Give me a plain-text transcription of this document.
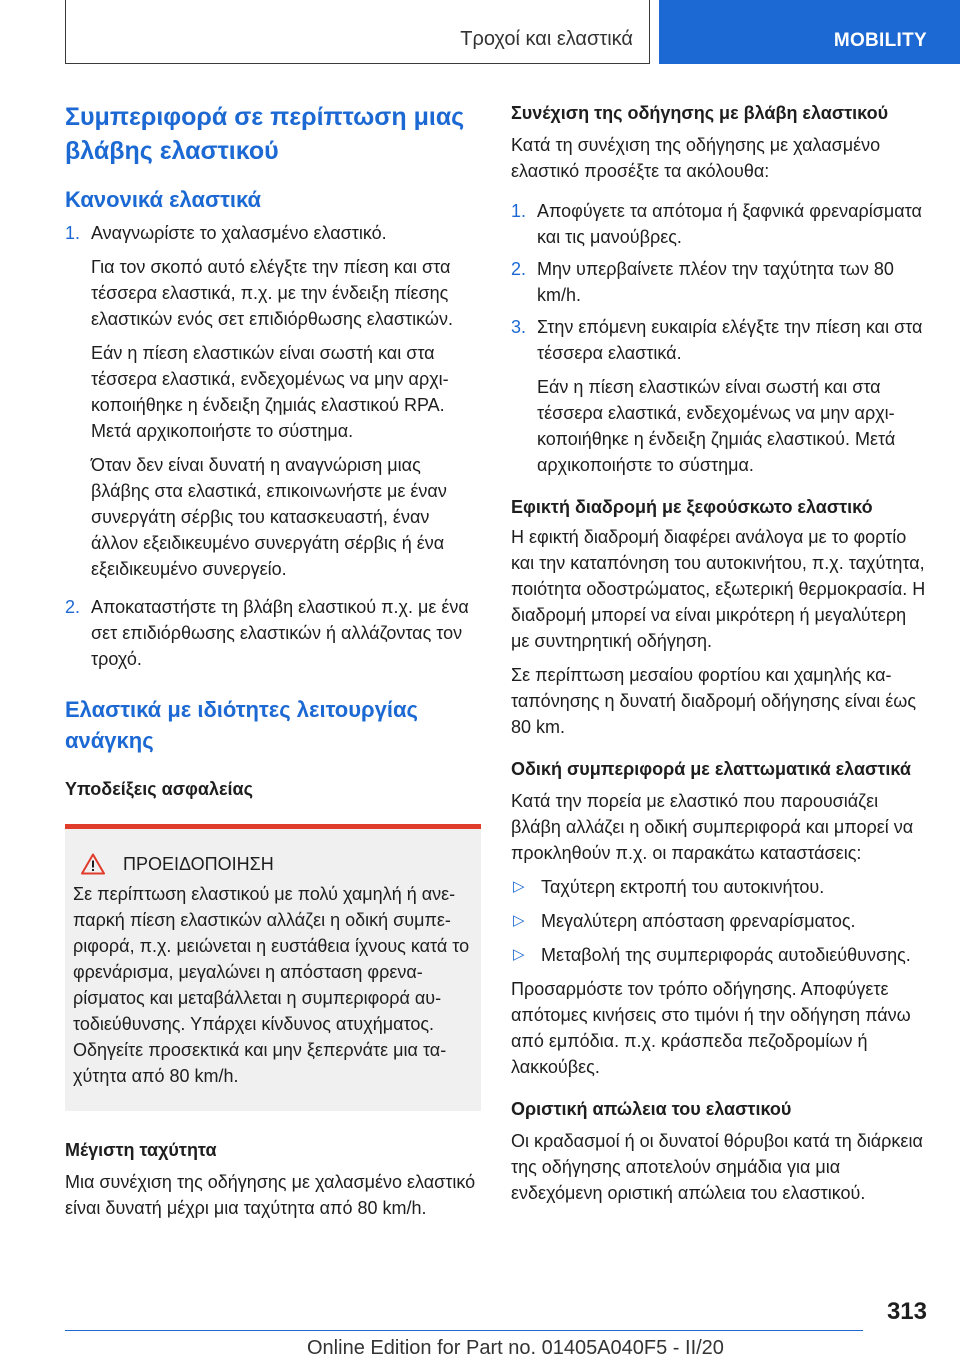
Τροχοί και ελαστικά	MOBILITY
Συμπεριφορά σε περίπτωση μιας βλάβης ελαστικού
Κανονικά ελαστικά
1. Αναγνωρίστε το χαλασμένο ελαστικό.

Για τον σκοπό αυτό ελέγξτε την πίεση και στα τέσσερα ελαστικά, π.χ. με την ένδειξη πίεσης ελαστικών ενός σετ επιδιόρθωσης ελαστικών.

Εάν η πίεση ελαστικών είναι σωστή και στα τέσσερα ελαστικά, ενδεχομένως να μην αρχικοποιήθηκε η ένδειξη ζημιάς ελαστικού RPA. Μετά αρχικοποιήστε το σύστημα.

Όταν δεν είναι δυνατή η αναγνώριση μιας βλάβης στα ελαστικά, επικοινωνήστε με έναν συνεργάτη σέρβις του κατασκευαστή, έναν άλλον εξειδικευμένο συνεργάτη σέρβις ή ένα εξειδικευμένο συνεργείο.

2. Αποκαταστήστε τη βλάβη ελαστικού π.χ. με ένα σετ επιδιόρθωσης ελαστικών ή αλλάζοντας τον τροχό.

Ελαστικά με ιδιότητες λειτουργίας ανάγκης
Υποδείξεις ασφαλείας
ΠΡΟΕΙΔΟΠΟΙΗΣΗ

Σε περίπτωση ελαστικού με πολύ χαμηλή ή ανεπαρκή πίεση ελαστικών αλλάζει η οδική συμπεριφορά, π.χ. μειώνεται η ευστάθεια ίχνους κατά το φρενάρισμα, μεγαλώνει η απόσταση φρεναρίσματος και μεταβάλλεται η συμπεριφορά αυτοδιεύθυνσης. Υπάρχει κίνδυνος ατυχήματος. Οδηγείτε προσεκτικά και μην ξεπερνάτε μια ταχύτητα από 80 km/h.

Μέγιστη ταχύτητα

Μια συνέχιση της οδήγησης με χαλασμένο ελαστικό είναι δυνατή μέχρι μια ταχύτητα από 80 km/h.

Συνέχιση της οδήγησης με βλάβη ελαστικού

Κατά τη συνέχιση της οδήγησης με χαλασμένο ελαστικό προσέξτε τα ακόλουθα:

1. Αποφύγετε τα απότομα ή ξαφνικά φρεναρίσματα και τις μανούβρες.

2. Μην υπερβαίνετε πλέον την ταχύτητα των 80 km/h.

3. Στην επόμενη ευκαιρία ελέγξτε την πίεση και στα τέσσερα ελαστικά.

Εάν η πίεση ελαστικών είναι σωστή και στα τέσσερα ελαστικά, ενδεχομένως να μην αρχικοποιήθηκε η ένδειξη ζημιάς ελαστικού. Μετά αρχικοποιήστε το σύστημα.

Εφικτή διαδρομή με ξεφούσκωτο ελαστικό

Η εφικτή διαδρομή διαφέρει ανάλογα με το φορτίο και την καταπόνηση του αυτοκινήτου, π.χ. ταχύτητα, ποιότητα οδοστρώματος, εξωτερική θερμοκρασία. Η διαδρομή μπορεί να είναι μικρότερη ή μεγαλύτερη με συντηρητική οδήγηση.

Σε περίπτωση μεσαίου φορτίου και χαμηλής καταπόνησης η δυνατή διαδρομή οδήγησης είναι έως 80 km.

Οδική συμπεριφορά με ελαττωματικά ελαστικά

Κατά την πορεία με ελαστικό που παρουσιάζει βλάβη αλλάζει η οδική συμπεριφορά και μπορεί να προκληθούν π.χ. οι παρακάτω καταστάσεις:

▷ Ταχύτερη εκτροπή του αυτοκινήτου.
▷ Μεγαλύτερη απόσταση φρεναρίσματος.
▷ Μεταβολή της συμπεριφοράς αυτοδιεύθυνσης.

Προσαρμόστε τον τρόπο οδήγησης. Αποφύγετε απότομες κινήσεις στο τιμόνι ή την οδήγηση πάνω από εμπόδια. π.χ. κράσπεδα πεζοδρομίων ή λακκούβες.

Οριστική απώλεια του ελαστικού

Οι κραδασμοί ή οι δυνατοί θόρυβοι κατά τη διάρκεια της οδήγησης αποτελούν σημάδια για μια ενδεχόμενη οριστική απώλεια του ελαστικού.

313
Online Edition for Part no. 01405A040F5 - II/20
